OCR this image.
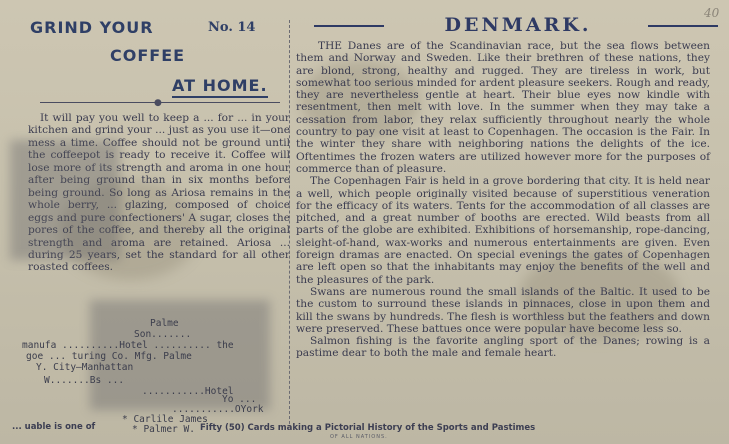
GRIND YOUR	No. 14
COFFEE
AT HOME.
●

It will pay you well to keep a ... for ... in your kitchen and grind your ... just as you use it—one mess a time. Coffee should not be ground until the coffeepot is ready to receive it. Coffee will lose more of its strength and aroma in one hour after being ground than in six months before being ground. So long as Ariosa remains in the whole berry, ... glazing, composed of choice eggs and pure confectioners' A sugar, closes the pores of the coffee, and thereby all the original strength and aroma are retained. Ariosa ... during 25 years, set the standard for all other roasted coffees.

Palme
Son.......
manufa ..........Hotel .......... the
goe ... turing Co. Mfg. Palme
Y. City—Manhattan
W.......Bs ...
...........Hotel
Yo ...
...........OYork
* Carlile James
* Palmer W.
DENMARK.

THE Danes are of the Scandinavian race, but the sea flows between them and Norway and Sweden. Like their brethren of these nations, they are blond, strong, healthy and rugged. They are tireless in work, but somewhat too serious minded for ardent pleasure seekers. Rough and ready, they are nevertheless gentle at heart. Their blue eyes now kindle with resentment, then melt with love. In the summer when they may take a cessation from labor, they relax sufficiently throughout nearly the whole country to pay one visit at least to Copenhagen. The occasion is the Fair. In the winter they share with neighboring nations the delights of the ice. Oftentimes the frozen waters are utilized however more for the purposes of commerce than of pleasure.

The Copenhagen Fair is held in a grove bordering that city. It is held near a well, which people originally visited because of superstitious veneration for the efficacy of its waters. Tents for the accommodation of all classes are pitched, and a great number of booths are erected. Wild beasts from all parts of the globe are exhibited. Exhibitions of horsemanship, rope-dancing, sleight-of-hand, wax-works and numerous entertainments are given. Even foreign dramas are enacted. On special evenings the gates of Copenhagen are left open so that the inhabitants may enjoy the benefits of the well and the pleasures of the park.

Swans are numerous round the small islands of the Baltic. It used to be the custom to surround these islands in pinnaces, close in upon them and kill the swans by hundreds. The flesh is worthless but the feathers and down were preserved. These battues once were popular have become less so.

Salmon fishing is the favorite angling sport of the Danes; rowing is a pastime dear to both the male and female heart.

... uable is one of	Fifty (50) Cards making a Pictorial History of the Sports and Pastimes
OF ALL NATIONS.
40
